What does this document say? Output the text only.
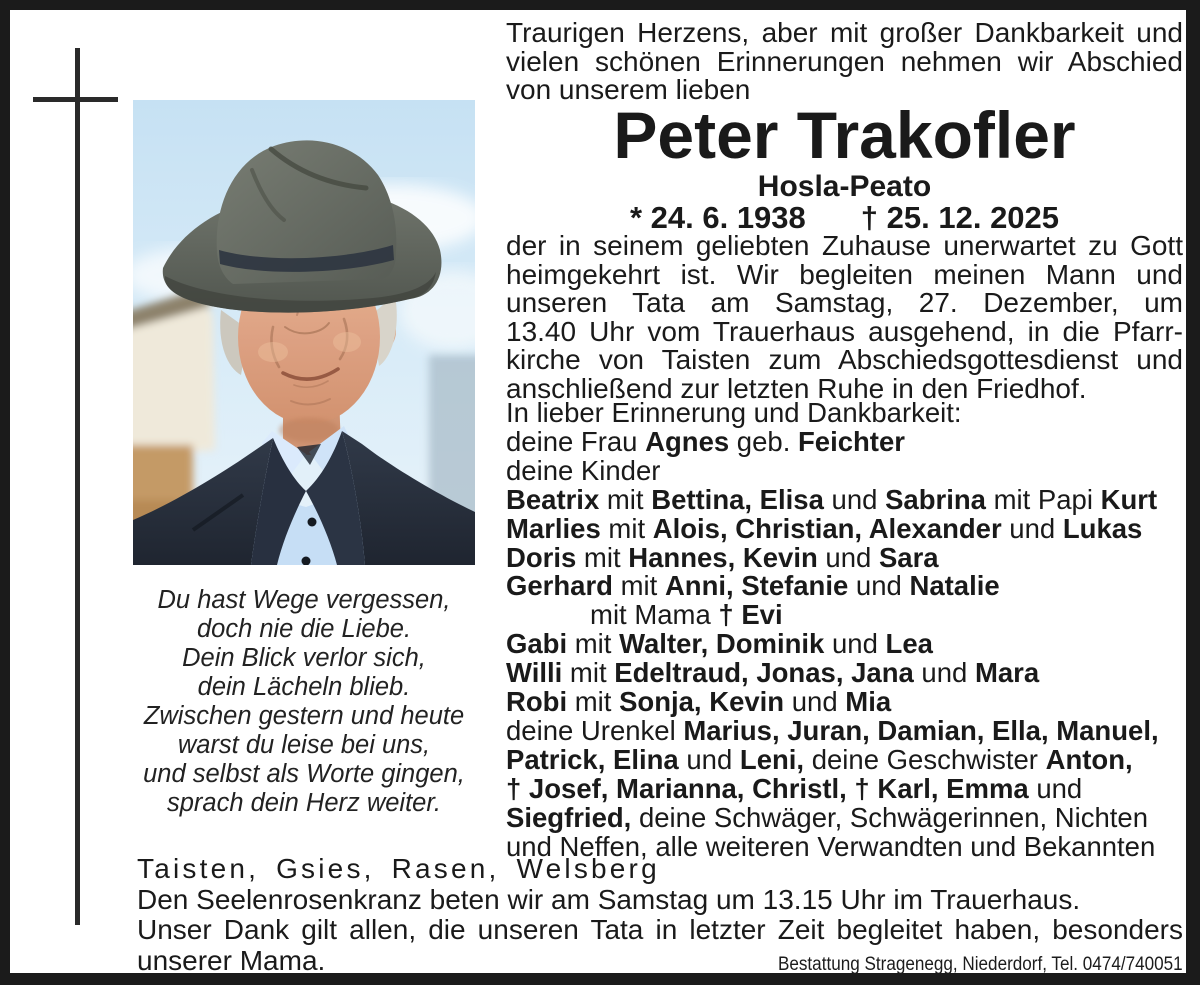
Du hast Wege vergessen,
doch nie die Liebe.
Dein Blick verlor sich,
dein Lächeln blieb.
Zwischen gestern und heute
warst du leise bei uns,
und selbst als Worte gingen,
sprach dein Herz weiter.
Traurigen Herzens, aber mit großer Dankbarkeit und
vielen schönen Erinnerungen nehmen wir Abschied
von unserem lieben
Peter Trakofler
Hosla-Peato
* 24. 6. 1938 † 25. 12. 2025
der in seinem geliebten Zuhause unerwartet zu Gott
heimgekehrt ist. Wir begleiten meinen Mann und
unseren Tata am Samstag, 27. Dezember, um
13.40 Uhr vom Trauerhaus ausgehend, in die Pfarr-
kirche von Taisten zum Abschiedsgottesdienst und
anschließend zur letzten Ruhe in den Friedhof.
In lieber Erinnerung und Dankbarkeit:
deine Frau Agnes geb. Feichter
deine Kinder
Beatrix mit Bettina, Elisa und Sabrina mit Papi Kurt
Marlies mit Alois, Christian, Alexander und Lukas
Doris mit Hannes, Kevin und Sara
Gerhard mit Anni, Stefanie und Natalie
mit Mama † Evi
Gabi mit Walter, Dominik und Lea
Willi mit Edeltraud, Jonas, Jana und Mara
Robi mit Sonja, Kevin und Mia
deine Urenkel Marius, Juran, Damian, Ella, Manuel,
Patrick, Elina und Leni, deine Geschwister Anton,
† Josef, Marianna, Christl, † Karl, Emma und
Siegfried, deine Schwäger, Schwägerinnen, Nichten
und Neffen, alle weiteren Verwandten und Bekannten
Taisten, Gsies, Rasen, Welsberg
Den Seelenrosenkranz beten wir am Samstag um 13.15 Uhr im Trauerhaus.
Unser Dank gilt allen, die unseren Tata in letzter Zeit begleitet haben, besonders
unserer Mama.	Bestattung Stragenegg, Niederdorf, Tel. 0474/740051
